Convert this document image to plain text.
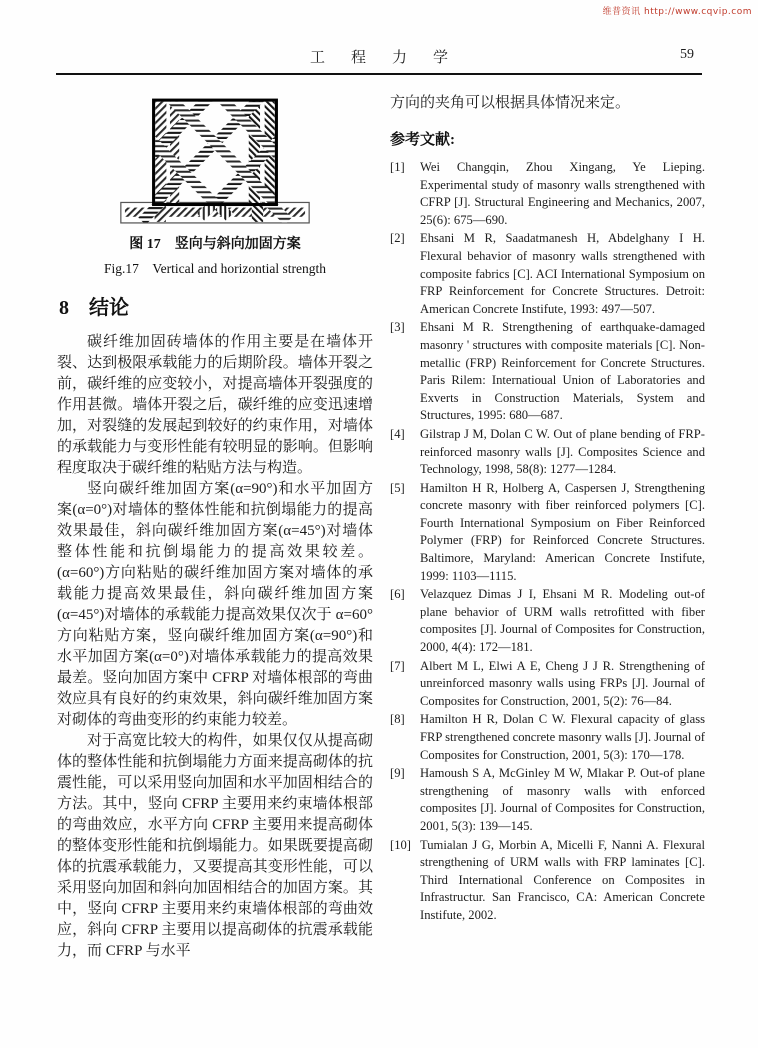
维普资讯 http://www.cqvip.com
工程力学	59
图 17　竖向与斜向加固方案
Fig.17　Vertical and horizontial strength
8　结论

碳纤维加固砖墙体的作用主要是在墙体开裂、达到极限承载能力的后期阶段。墙体开裂之前，碳纤维的应变较小，对提高墙体开裂强度的作用甚微。墙体开裂之后，碳纤维的应变迅速增加，对裂缝的发展起到较好的约束作用，对墙体的承载能力与变形性能有较明显的影响。但影响程度取决于碳纤维的粘贴方法与构造。

竖向碳纤维加固方案(α=90°)和水平加固方案(α=0°)对墙体的整体性能和抗倒塌能力的提高效果最佳，斜向碳纤维加固方案(α=45°)对墙体整体性能和抗倒塌能力的提高效果较差。(α=60°)方向粘贴的碳纤维加固方案对墙体的承载能力提高效果最佳，斜向碳纤维加固方案(α=45°)对墙体的承载能力提高效果仅次于 α=60° 方向粘贴方案，竖向碳纤维加固方案(α=90°)和水平加固方案(α=0°)对墙体承载能力的提高效果最差。竖向加固方案中 CFRP 对墙体根部的弯曲效应具有良好的约束效果，斜向碳纤维加固方案对砌体的弯曲变形的约束能力较差。

对于高宽比较大的构件，如果仅仅从提高砌体的整体性能和抗倒塌能力方面来提高砌体的抗震性能，可以采用竖向加固和水平加固相结合的方法。其中，竖向 CFRP 主要用来约束墙体根部的弯曲效应，水平方向 CFRP 主要用来提高砌体的整体变形性能和抗倒塌能力。如果既要提高砌体的抗震承载能力，又要提高其变形性能，可以采用竖向加固和斜向加固相结合的加固方案。其中，竖向 CFRP 主要用来约束墙体根部的弯曲效应，斜向 CFRP 主要用以提高砌体的抗震承载能力，而 CFRP 与水平

方向的夹角可以根据具体情况来定。

参考文献:
[1]	Wei Changqin, Zhou Xingang, Ye Lieping. Experimental study of masonry walls strengthened with CFRP [J]. Structural Engineering and Mechanics, 2007, 25(6): 675—690.
[2]	Ehsani M R, Saadatmanesh H, Abdelghany I H. Flexural behavior of masonry walls strengthened with composite fabrics [C]. ACI International Symposium on FRP Reinforcement for Concrete Structures. Detroit: American Concrete Instifute, 1993: 497—507.
[3]	Ehsani M R. Strengthening of earthquake-damaged masonry ' structures with composite materials [C]. Non-metallic (FRP) Reinforcement for Concrete Structures. Paris Rilem: Internatioual Union of Laboratories and Exverts in Construction Materials, System and Structures, 1995: 680—687.
[4]	Gilstrap J M, Dolan C W. Out of plane bending of FRP-reinforced masonry walls [J]. Composites Science and Technology, 1998, 58(8): 1277—1284.
[5]	Hamilton H R, Holberg A, Caspersen J, Strengthening concrete masonry with fiber reinforced polymers [C]. Fourth International Symposium on Fiber Reinforced Polymer (FRP) for Reinforced Concrete Structures. Baltimore, Maryland: American Concrete Instifute, 1999: 1103—1115.
[6]	Velazquez Dimas J I, Ehsani M R. Modeling out-of plane behavior of URM walls retrofitted with fiber composites [J]. Journal of Composites for Construction, 2000, 4(4): 172—181.
[7]	Albert M L, Elwi A E, Cheng J J R. Strengthening of unreinforced masonry walls using FRPs [J]. Journal of Composites for Construction, 2001, 5(2): 76—84.
[8]	Hamilton H R, Dolan C W. Flexural capacity of glass FRP strengthened concrete masonry walls [J]. Journal of Composites for Construction, 2001, 5(3): 170—178.
[9]	Hamoush S A, McGinley M W, Mlakar P. Out-of plane strengthening of masonry walls with enforced composites [J]. Journal of Composites for Construction, 2001, 5(3): 139—145.
[10] Tumialan J G, Morbin A, Micelli F, Nanni A. Flexural strengthening of URM walls with FRP laminates [C]. Third International Conference on Composites in Infrastructur. San Francisco, CA: American Concrete Instifute, 2002.
